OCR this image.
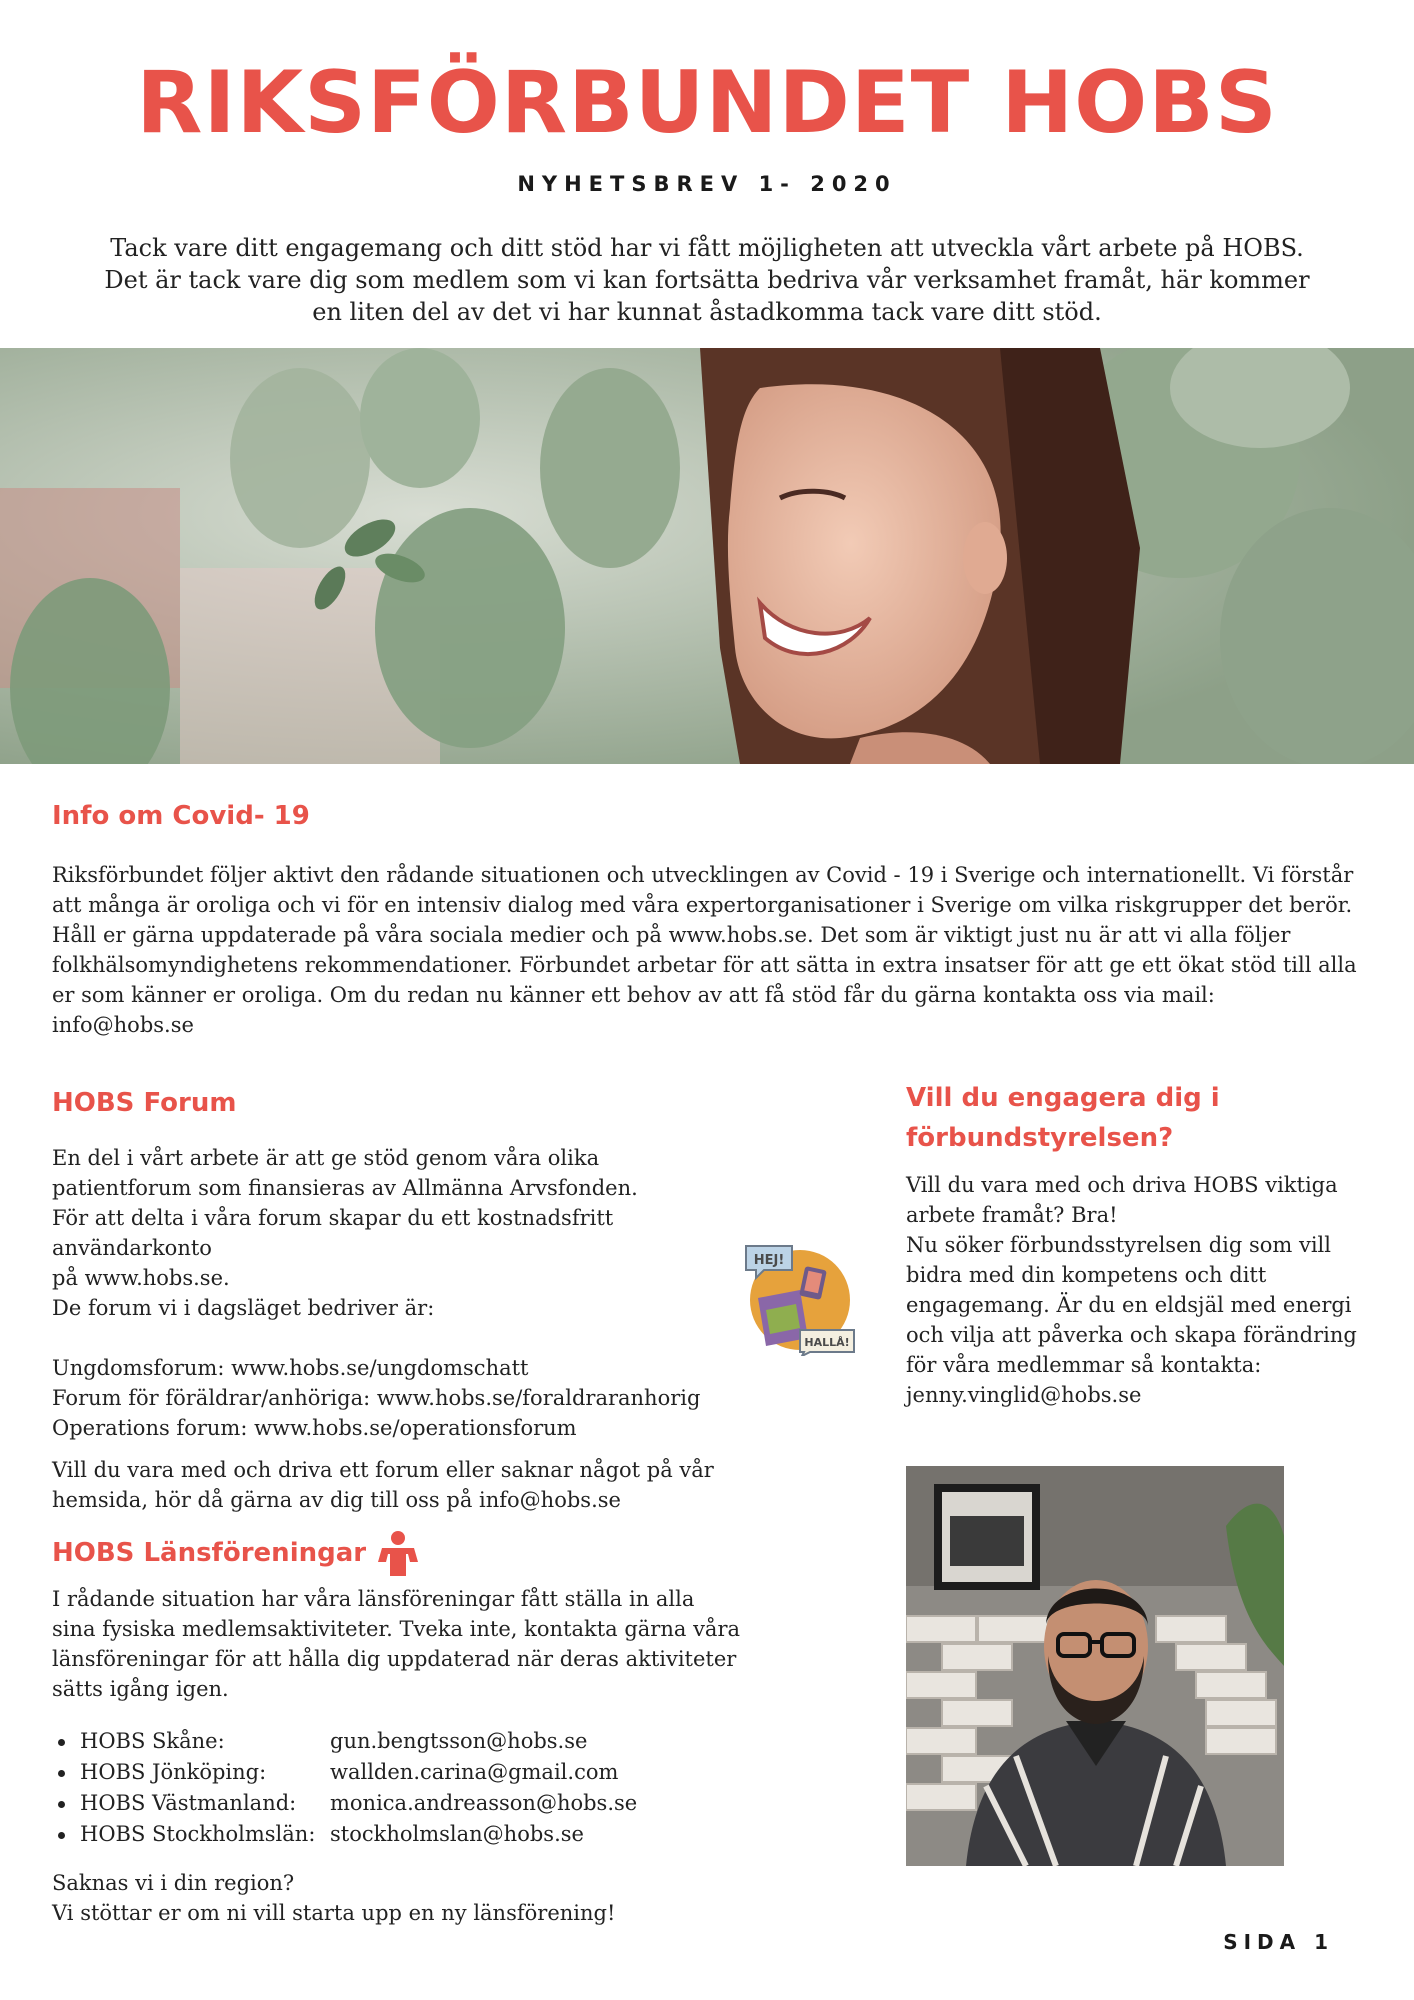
RIKSFÖRBUNDET HOBS
NYHETSBREV 1- 2020
Tack vare ditt engagemang och ditt stöd har vi fått möjligheten att utveckla vårt arbete på HOBS. Det är tack vare dig som medlem som vi kan fortsätta bedriva vår verksamhet framåt, här kommer en liten del av det vi har kunnat åstadkomma tack vare ditt stöd.
Info om Covid- 19
Riksförbundet följer aktivt den rådande situationen och utvecklingen av Covid - 19 i Sverige och internationellt. Vi förstår att många är oroliga och vi för en intensiv dialog med våra expertorganisationer i Sverige om vilka riskgrupper det berör. Håll er gärna uppdaterade på våra sociala medier och på www.hobs.se. Det som är viktigt just nu är att vi alla följer folkhälsomyndighetens rekommendationer. Förbundet arbetar för att sätta in extra insatser för att ge ett ökat stöd till alla er som känner er oroliga. Om du redan nu känner ett behov av att få stöd får du gärna kontakta oss via mail: info@hobs.se
HOBS Forum

En del i vårt arbete är att ge stöd genom våra olika

patientforum som finansieras av Allmänna Arvsfonden.

För att delta i våra forum skapar du ett kostnadsfritt användarkonto

på www.hobs.se.

De forum vi i dagsläget bedriver är:

Ungdomsforum: www.hobs.se/ungdomschatt

Forum för föräldrar/anhöriga: www.hobs.se/foraldraranhorig

Operations forum: www.hobs.se/operationsforum

Vill du vara med och driva ett forum eller saknar något på vår

hemsida, hör då gärna av dig till oss på info@hobs.se

HEJ!
HALLÅ!
HOBS Länsföreningar

I rådande situation har våra länsföreningar fått ställa in alla

sina fysiska medlemsaktiviteter. Tveka inte, kontakta gärna våra

länsföreningar för att hålla dig uppdaterad när deras aktiviteter

sätts igång igen.

HOBS Skåne:	gun.bengtsson@hobs.se
HOBS Jönköping:	wallden.carina@gmail.com
HOBS Västmanland: monica.andreasson@hobs.se
HOBS Stockholmslän: stockholmslan@hobs.se

Saknas vi i din region?

Vi stöttar er om ni vill starta upp en ny länsförening!

Vill du engagera dig i
förbundstyrelsen?

Vill du vara med och driva HOBS viktiga

arbete framåt? Bra!

Nu söker förbundsstyrelsen dig som vill

bidra med din kompetens och ditt

engagemang. Är du en eldsjäl med energi

och vilja att påverka och skapa förändring

för våra medlemmar så kontakta:

jenny.vinglid@hobs.se

SIDA 1
